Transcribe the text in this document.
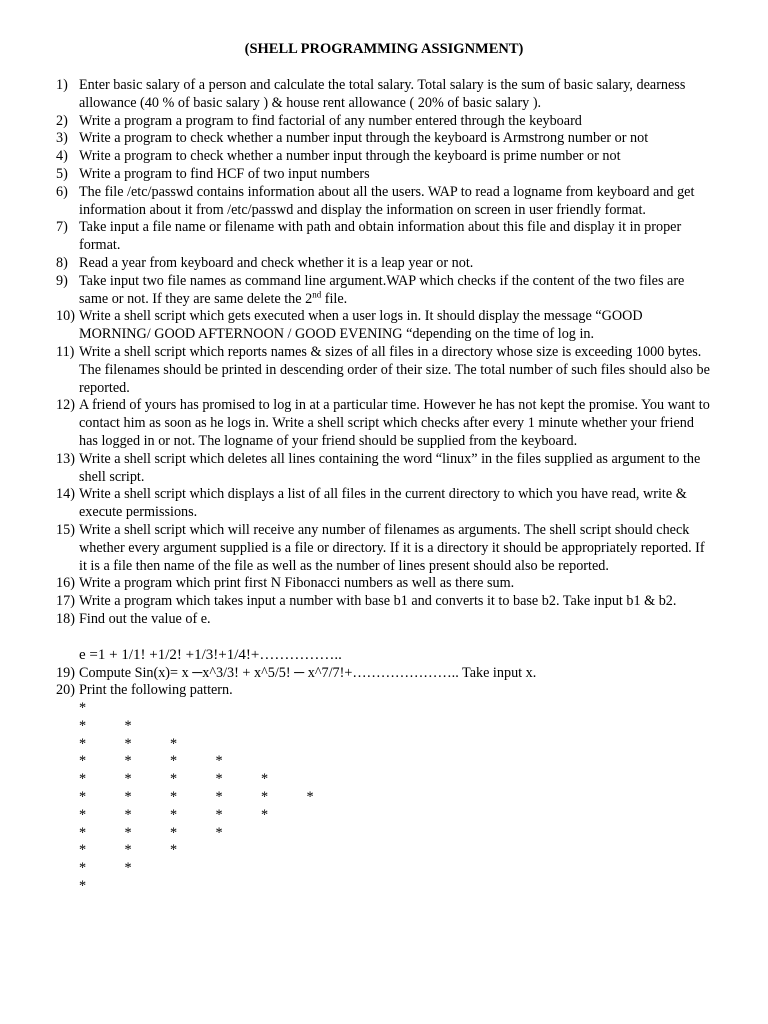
(SHELL PROGRAMMING ASSIGNMENT)
1) Enter basic salary of a person and calculate the total salary. Total salary is the sum of basic salary, dearness allowance (40 % of basic salary ) & house rent allowance ( 20% of basic salary ).
2) Write a program a program to find factorial of any number entered through the keyboard
3) Write a program to check whether a number input through the keyboard is Armstrong number or not
4) Write a program to check whether a number input through the keyboard is prime number or not
5) Write a program to find HCF of two input numbers
6) The file /etc/passwd contains information about all the users. WAP to read a logname from keyboard and get information about it from /etc/passwd and display the information on screen in user friendly format.
7) Take input a file name or filename with path and obtain information about this file and display it in proper format.
8) Read a year from keyboard and check whether it is a leap year or not.
9) Take input two file names as command line argument.WAP which checks if the content of the two files are same or not. If they are same delete the 2nd file.
10) Write a shell script which gets executed when a user logs in. It should display the message “GOOD MORNING/ GOOD AFTERNOON / GOOD EVENING “depending on the time of log in.
11) Write a shell script which reports names & sizes of all files in a directory whose size is exceeding 1000 bytes. The filenames should be printed in descending order of their size. The total number of such files should also be reported.
12) A friend of yours has promised to log in at a particular time. However he has not kept the promise. You want to contact him as soon as he logs in. Write a shell script which checks after every 1 minute whether your friend has logged in or not. The logname of your friend should be supplied from the keyboard.
13) Write a shell script which deletes all lines containing the word “linux” in the files supplied as argument to the shell script.
14) Write a shell script which displays a list of all files in the current directory to which you have read, write & execute permissions.
15) Write a shell script which will receive any number of filenames as arguments. The shell script should check whether every argument supplied is a file or directory. If it is a directory it should be appropriately reported. If it is a file then name of the file as well as the number of lines present should also be reported.
16) Write a program which print first N Fibonacci numbers as well as there sum.
17) Write a program which takes input a number with base b1 and converts it to base b2. Take input b1 & b2.
18) Find out the value of e.
e =1 + 1/1! +1/2! +1/3!+1/4!+……………..
19) Compute Sin(x)= x ─x^3/3! + x^5/5! ─ x^7/7!+………………….. Take input x.
20) Print the following pattern.
*
*	*
*	*	*
*	*	*	*
*	*	*	*	*
*	*	*	*	*	*
*	*	*	*	*
*	*	*	*
*	*	*
*	*
*
